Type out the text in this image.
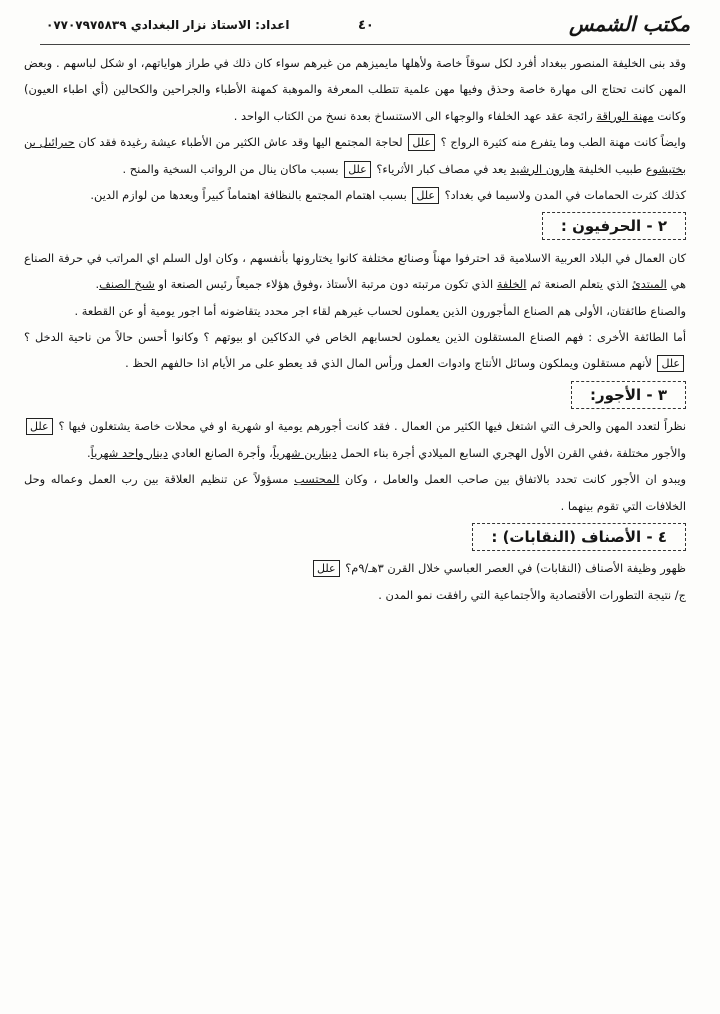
مكتب الشمس
٤٠
اعداد: الاستاذ نزار البغدادي ٠٧٧٠٧٩٧٥٨٣٩

وقد بنى الخليفة المنصور ببغداد أفرد لكل سوقاً خاصة ولأهلها مايميزهم من غيرهم سواء كان ذلك في طراز هواياتهم، او شكل لباسهم . وبعض المهن كانت تحتاج الى مهارة خاصة وحذق وفيها مهن علمية تتطلب المعرفة والموهبة كمهنة الأطباء والجراحين والكحالين (أي اطباء العيون) وكانت مهنة الوراقة رائجة عقد عهد الخلفاء والوجهاء الى الاستنساخ بعدة نسخ من الكتاب الواحد .

وايضاً كانت مهنة الطب وما يتفرع منه كثيرة الرواج ؟ علل لحاجة المجتمع اليها وقد عاش الكثير من الأطباء عيشة رغيدة فقد كان جبرائيل بن بختيشوع طبيب الخليفة هارون الرشيد يعد في مصاف كبار الأثرياء؟ علل بسبب ماكان ينال من الرواتب السخية والمنح .

كذلك كثرت الحمامات في المدن ولاسيما في بغداد؟ علل بسبب اهتمام المجتمع بالنظافة اهتماماً كبيراً ويعدها من لوازم الدين.

٢ - الحرفيون :

كان العمال في البلاد العربية الاسلامية قد احترفوا مهناً وصنائع مختلفة كانوا يختارونها بأنفسهم ، وكان اول السلم اي المراتب في حرفة الصناع هي المبتدئ الذي يتعلم الصنعة ثم الخلفة الذي تكون مرتبته دون مرتبة الأستاذ ،وفوق هؤلاء جميعاً رئيس الصنعة او شيخ الصنف.

والصناع طائفتان، الأولى هم الصناع المأجورون الذين يعملون لحساب غيرهم لقاء اجر محدد يتقاضونه أما اجور يومية أو عن القطعة .

أما الطائفة الأخرى : فهم الصناع المستقلون الذين يعملون لحسابهم الخاص في الدكاكين او بيوتهم ؟ وكانوا أحسن حالاً من ناحية الدخل ؟ علل لأنهم مستقلون ويملكون وسائل الأنتاج وادوات العمل ورأس المال الذي قد يعطو على مر الأيام اذا حالفهم الحظ .

٣ - الأجور:

نظراً لتعدد المهن والحرف التي اشتغل فيها الكثير من العمال . فقد كانت أجورهم يومية او شهرية او في محلات خاصة يشتغلون فيها ؟ علل والأجور مختلفة ،ففي القرن الأول الهجري السابع الميلادي أجرة بناء الحمل دينارين شهرياً، وأجرة الصانع العادي دينار واحد شهرياً.

ويبدو ان الأجور كانت تحدد بالاتفاق بين صاحب العمل والعامل ، وكان المحتسب مسؤولاً عن تنظيم العلاقة بين رب العمل وعماله وحل الخلافات التي تقوم بينهما .

٤ - الأصناف (النقابات) :

ظهور وظيفة الأصناف (النقابات) في العصر العباسي خلال القرن ٣هـ/٩م؟ علل

ج/ نتيجة التطورات الأقتصادية والأجتماعية التي رافقت نمو المدن .
